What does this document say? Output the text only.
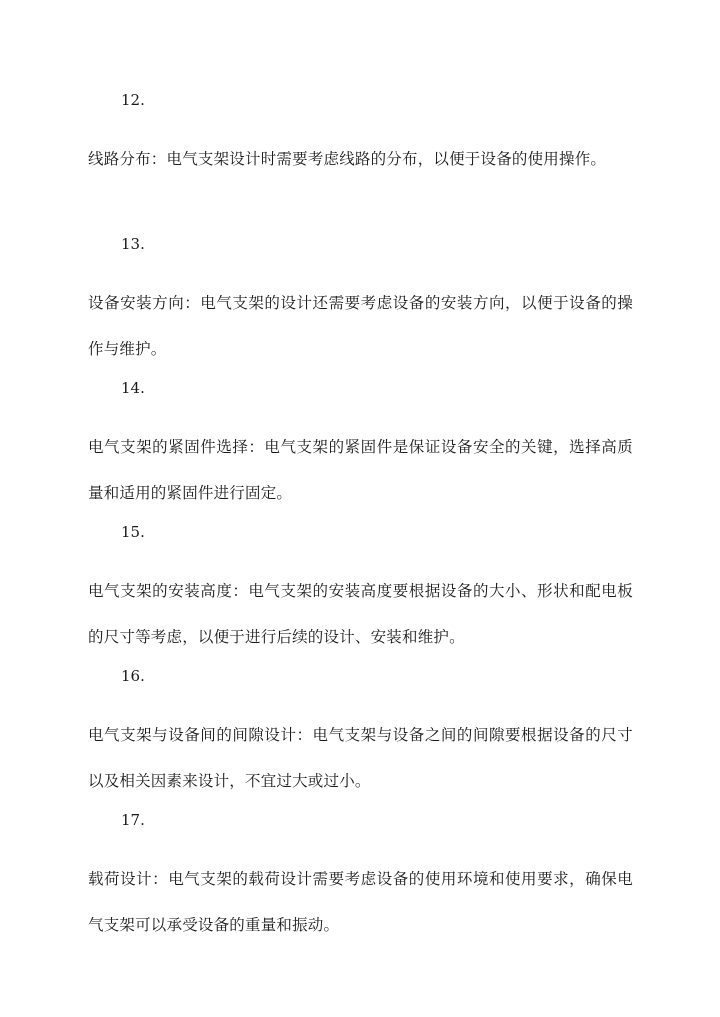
12.
线路分布：电气支架设计时需要考虑线路的分布，以便于设备的使用操作。
13.
设备安装方向：电气支架的设计还需要考虑设备的安装方向，以便于设备的操作与维护。
14.
电气支架的紧固件选择：电气支架的紧固件是保证设备安全的关键，选择高质量和适用的紧固件进行固定。
15.
电气支架的安装高度：电气支架的安装高度要根据设备的大小、形状和配电板的尺寸等考虑，以便于进行后续的设计、安装和维护。
16.
电气支架与设备间的间隙设计：电气支架与设备之间的间隙要根据设备的尺寸以及相关因素来设计，不宜过大或过小。
17.
载荷设计：电气支架的载荷设计需要考虑设备的使用环境和使用要求，确保电气支架可以承受设备的重量和振动。
